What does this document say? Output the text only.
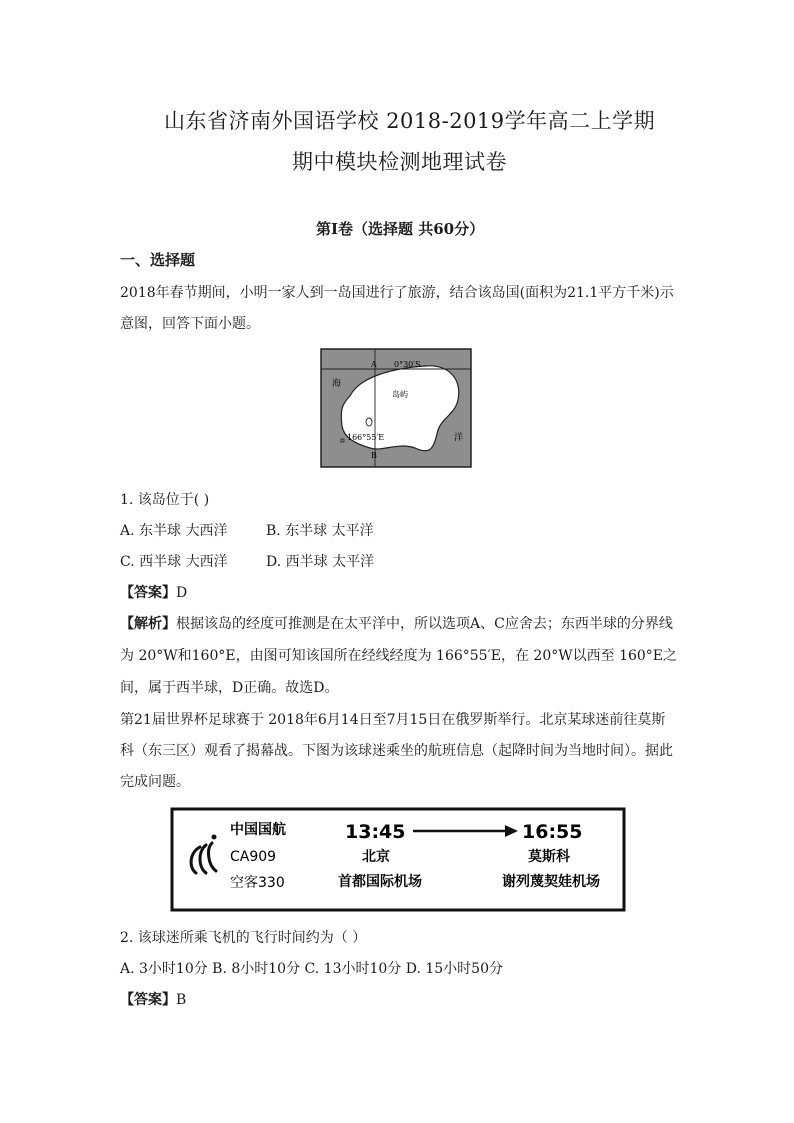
山东省济南外国语学校 2018-2019学年高二上学期
期中模块检测地理试卷
第Ⅰ卷（选择题 共60分）
一、选择题
2018年春节期间，小明一家人到一岛国进行了旅游，结合该岛国(面积为21.1平方千米)示
意图，回答下面小题。
A 0°30′S
海
岛屿
166°55′E	洋
B
1. 该岛位于( )
A. 东半球 大西洋	B. 东半球 太平洋
C. 西半球 大西洋	D. 西半球 太平洋
【答案】D
【解析】根据该岛的经度可推测是在太平洋中，所以选项A、C应舍去；东西半球的分界线
为 20°W和160°E，由图可知该国所在经线经度为 166°55′E，在 20°W以西至 160°E之
间，属于西半球，D正确。故选D。
第21届世界杯足球赛于 2018年6月14日至7月15日在俄罗斯举行。北京某球迷前往莫斯
科（东三区）观看了揭幕战。下图为该球迷乘坐的航班信息（起降时间为当地时间）。据此
完成问题。
中国国航
CA909
空客330
13:45	16:55
北京	莫斯科
首都国际机场	谢列蔑契娃机场
2. 该球迷所乘飞机的飞行时间约为（ ）
A. 3小时10分 B. 8小时10分 C. 13小时10分 D. 15小时50分
【答案】B
